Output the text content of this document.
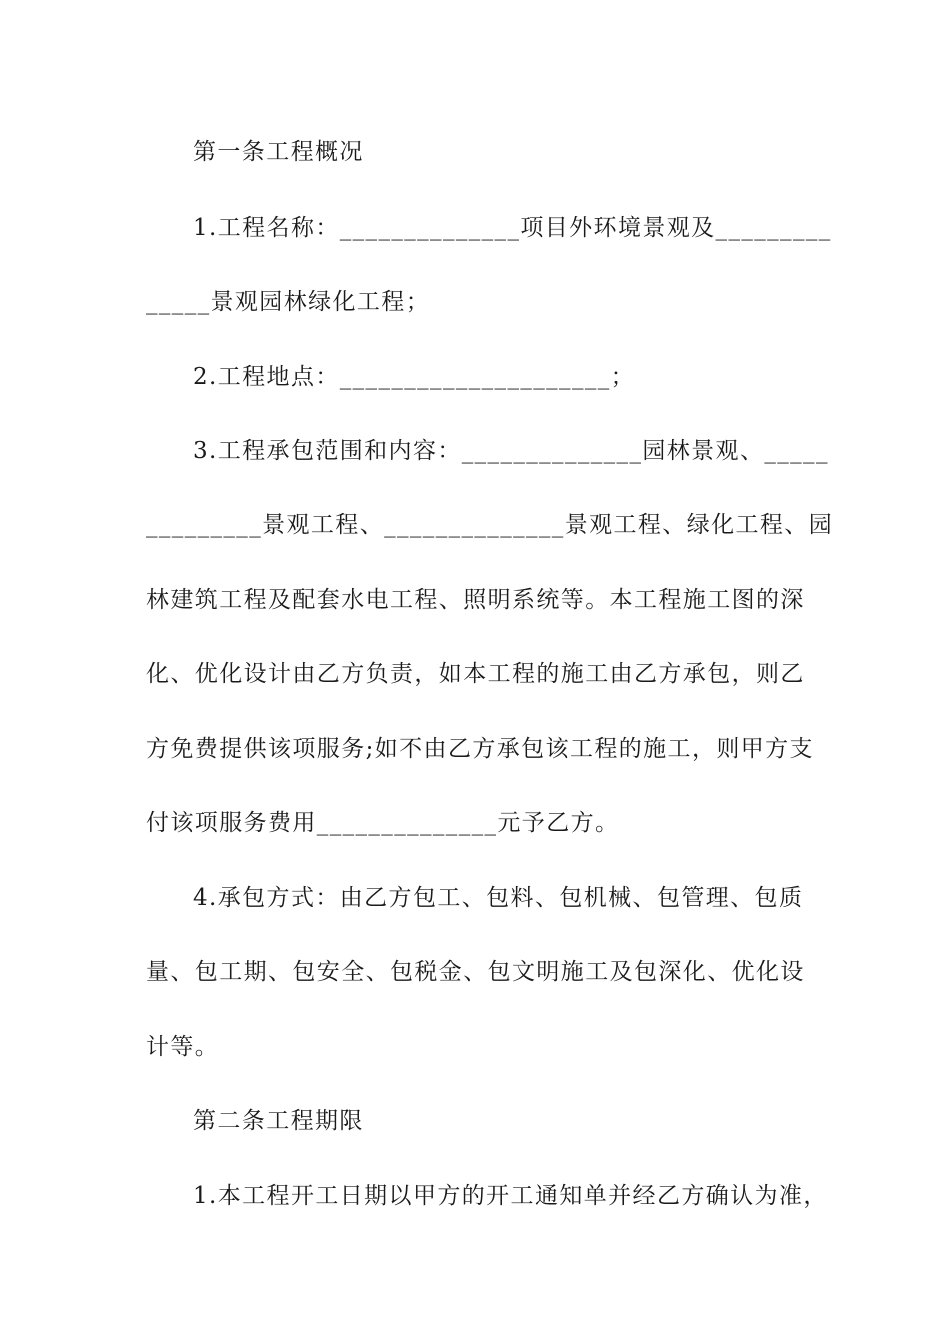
第一条工程概况
1.工程名称：______________项目外环境景观及_________
_____景观园林绿化工程；
2.工程地点：_____________________；
3.工程承包范围和内容：______________园林景观、_____
_________景观工程、______________景观工程、绿化工程、园
林建筑工程及配套水电工程、照明系统等。本工程施工图的深
化、优化设计由乙方负责，如本工程的施工由乙方承包，则乙
方免费提供该项服务;如不由乙方承包该工程的施工，则甲方支
付该项服务费用______________元予乙方。
4.承包方式：由乙方包工、包料、包机械、包管理、包质
量、包工期、包安全、包税金、包文明施工及包深化、优化设
计等。
第二条工程期限
1.本工程开工日期以甲方的开工通知单并经乙方确认为准，
